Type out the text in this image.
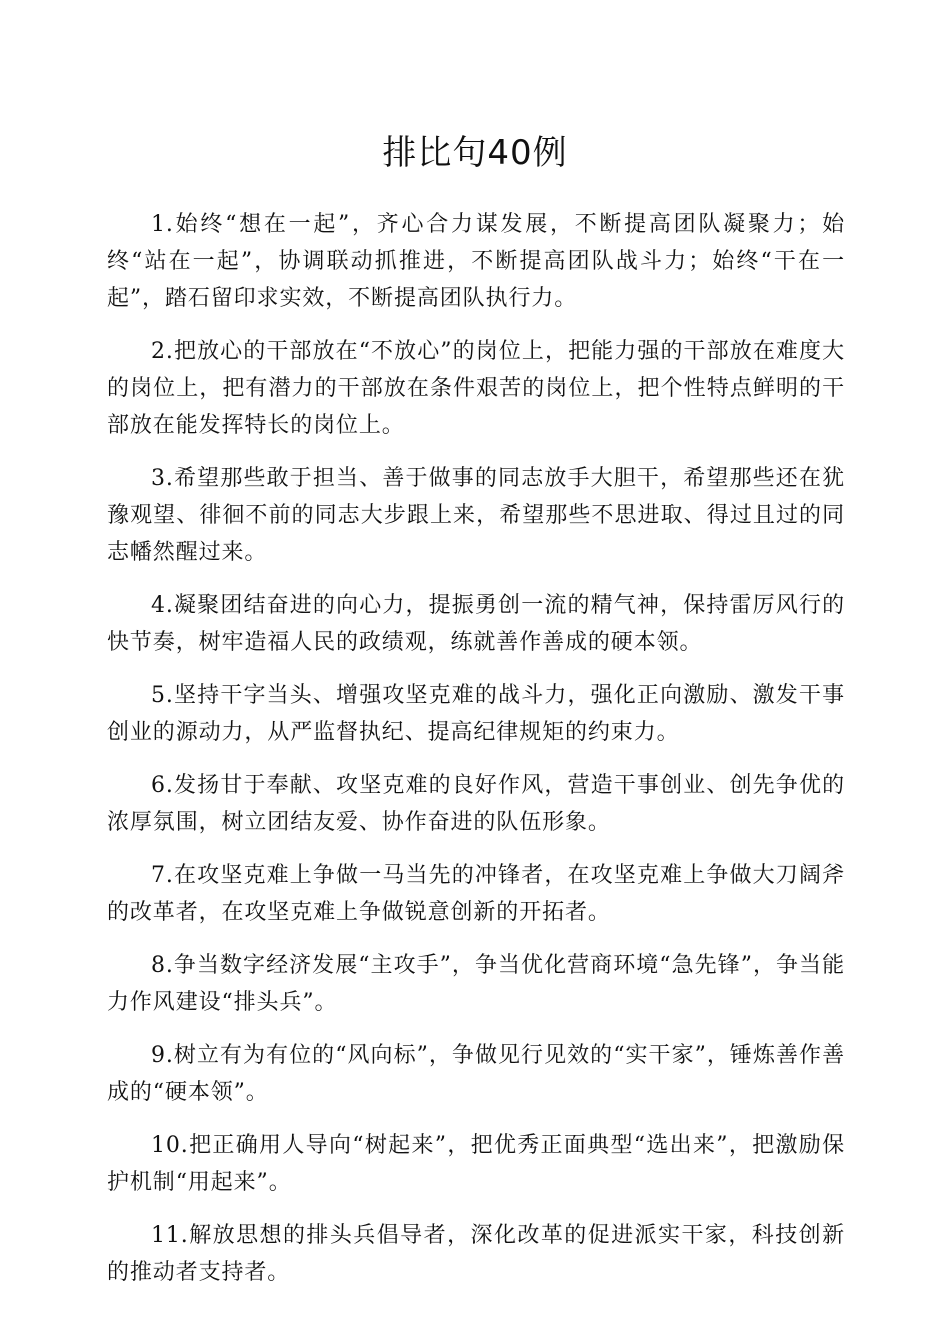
排比句40例

1.始终“想在一起”，齐心合力谋发展，不断提高团队凝聚力；始终“站在一起”，协调联动抓推进，不断提高团队战斗力；始终“干在一起”，踏石留印求实效，不断提高团队执行力。

2.把放心的干部放在“不放心”的岗位上，把能力强的干部放在难度大的岗位上，把有潜力的干部放在条件艰苦的岗位上，把个性特点鲜明的干部放在能发挥特长的岗位上。

3.希望那些敢于担当、善于做事的同志放手大胆干，希望那些还在犹豫观望、徘徊不前的同志大步跟上来，希望那些不思进取、得过且过的同志幡然醒过来。

4.凝聚团结奋进的向心力，提振勇创一流的精气神，保持雷厉风行的快节奏，树牢造福人民的政绩观，练就善作善成的硬本领。

5.坚持干字当头、增强攻坚克难的战斗力，强化正向激励、激发干事创业的源动力，从严监督执纪、提高纪律规矩的约束力。

6.发扬甘于奉献、攻坚克难的良好作风，营造干事创业、创先争优的浓厚氛围，树立团结友爱、协作奋进的队伍形象。

7.在攻坚克难上争做一马当先的冲锋者，在攻坚克难上争做大刀阔斧的改革者，在攻坚克难上争做锐意创新的开拓者。

8.争当数字经济发展“主攻手”，争当优化营商环境“急先锋”，争当能力作风建设“排头兵”。

9.树立有为有位的“风向标”，争做见行见效的“实干家”，锤炼善作善成的“硬本领”。

10.把正确用人导向“树起来”，把优秀正面典型“选出来”，把激励保护机制“用起来”。

11.解放思想的排头兵倡导者，深化改革的促进派实干家，科技创新的推动者支持者。
